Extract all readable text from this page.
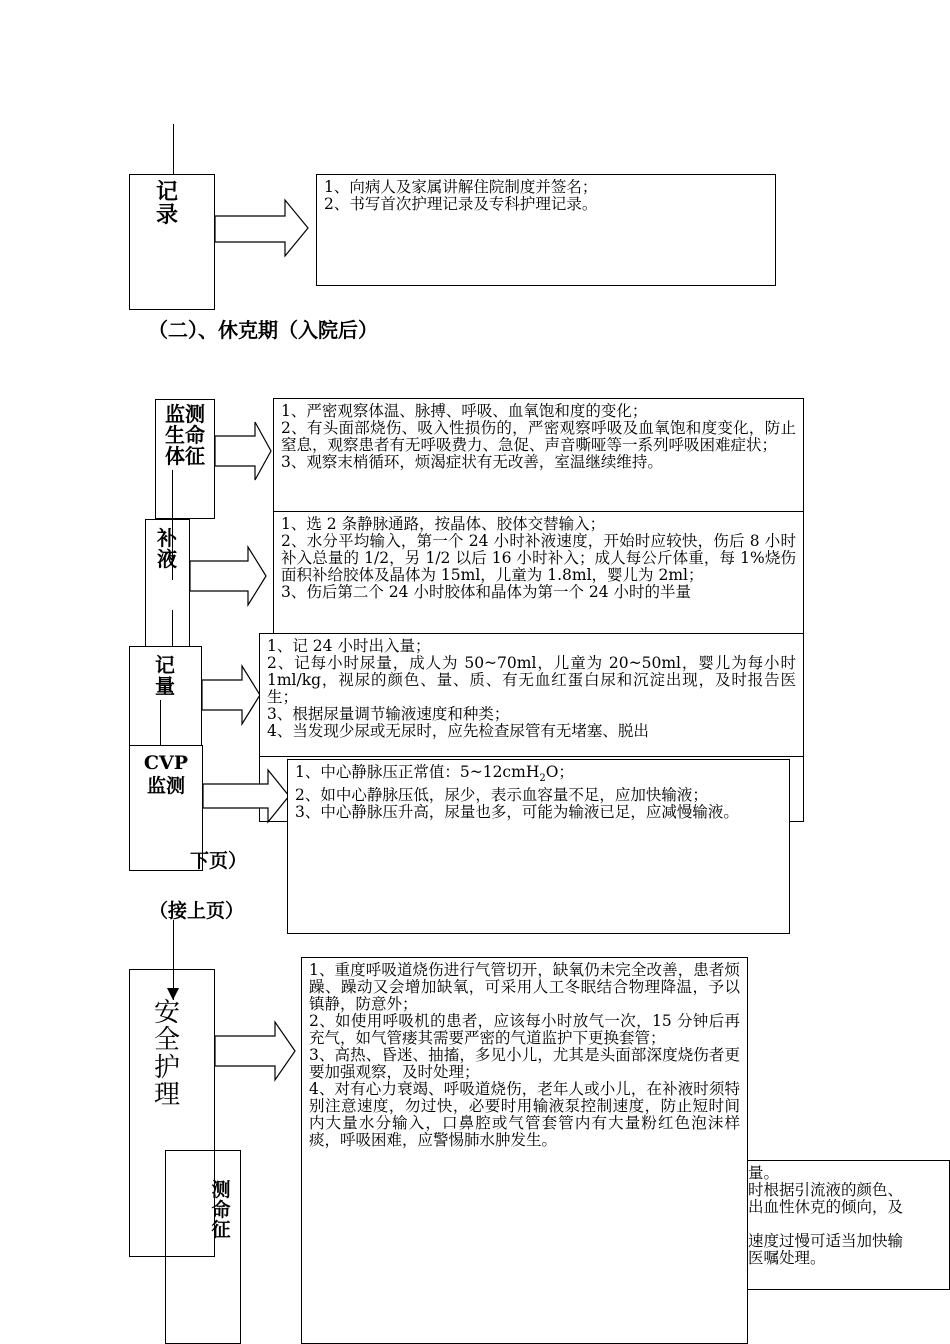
记录
1、向病人及家属讲解住院制度并签名；
2、书写首次护理记录及专科护理记录。
（二）、休克期（入院后）
监测生命体征
1、严密观察体温、脉搏、呼吸、血氧饱和度的变化；
2、有头面部烧伤、吸入性损伤的，严密观察呼吸及血氧饱和度变化，防止窒息，观察患者有无呼吸费力、急促、声音嘶哑等一系列呼吸困难症状；
3、观察末梢循环，烦渴症状有无改善，室温继续维持。
补液
1、选 2 条静脉通路，按晶体、胶体交替输入；
2、水分平均输入，第一个 24 小时补液速度，开始时应较快，伤后 8 小时补入总量的 1/2，另 1/2 以后 16 小时补入；成人每公斤体重，每 1%烧伤面积补给胶体及晶体为 15ml，儿童为 1.8ml，婴儿为 2ml；
3、伤后第二个 24 小时胶体和晶体为第一个 24 小时的半量
记量
1、记 24 小时出入量；
2、记每小时尿量，成人为 50~70ml，儿童为 20~50ml，婴儿为每小时 1ml/kg，视尿的颜色、量、质、有无血红蛋白尿和沉淀出现，及时报告医生；
3、根据尿量调节输液速度和种类；
4、当发现少尿或无尿时，应先检查尿管有无堵塞、脱出
CVP
监测
1、中心静脉压正常值：5~12cmH$_2$O；
2、如中心静脉压低，尿少，表示血容量不足，应加快输液；
3、中心静脉压升高，尿量也多，可能为输液已足，应减慢输液。
下页）
（接上页）
测命征
量。
时根据引流液的颜色、
出血性休克的倾向，及
速度过慢可适当加快输
医嘱处理。
安全护理
1、重度呼吸道烧伤进行气管切开，缺氧仍未完全改善，患者烦躁、躁动又会增加缺氧，可采用人工冬眠结合物理降温，予以镇静，防意外；
2、如使用呼吸机的患者，应该每小时放气一次，15 分钟后再充气，如气管瘘其需要严密的气道监护下更换套管；
3、高热、昏迷、抽搐，多见小儿，尤其是头面部深度烧伤者更要加强观察，及时处理；
4、对有心力衰竭、呼吸道烧伤，老年人或小儿，在补液时须特别注意速度，勿过快，必要时用输液泵控制速度，防止短时间内大量水分输入，口鼻腔或气管套管内有大量粉红色泡沫样痰，呼吸困难，应警惕肺水肿发生。
